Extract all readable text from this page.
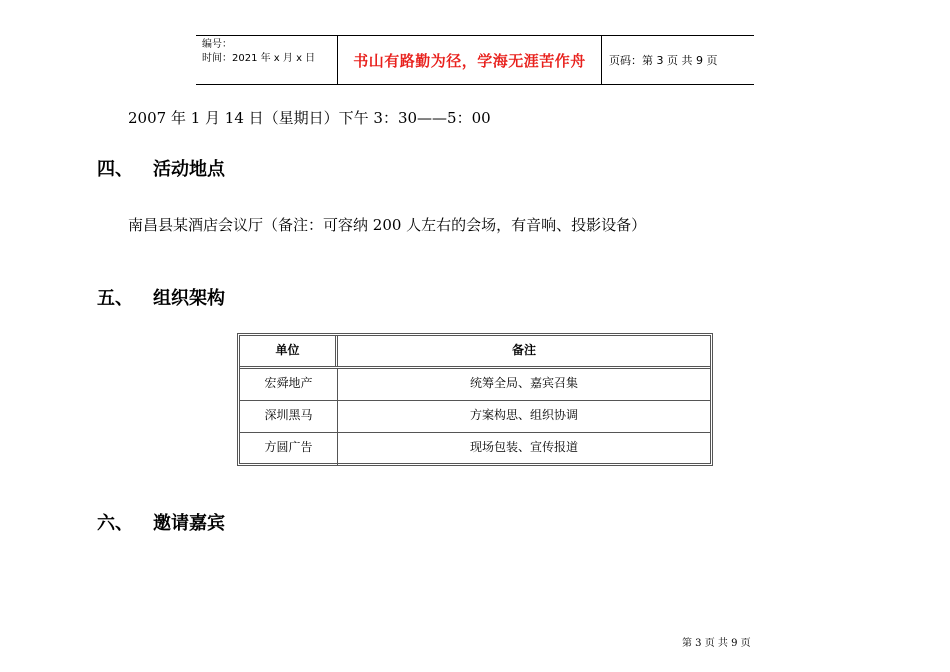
编号：
时间：2021 年 x 月 x 日	书山有路勤为径，学海无涯苦作舟	页码：第 3 页 共 9 页
2007 年 1 月 14 日（星期日）下午 3：30——5：00
四、 活动地点
南昌县某酒店会议厅（备注：可容纳 200 人左右的会场，有音响、投影设备）
五、 组织架构
单位	备注
宏舜地产	统筹全局、嘉宾召集
深圳黑马	方案构思、组织协调
方圆广告	现场包装、宣传报道
六、 邀请嘉宾
第 3 页 共 9 页
